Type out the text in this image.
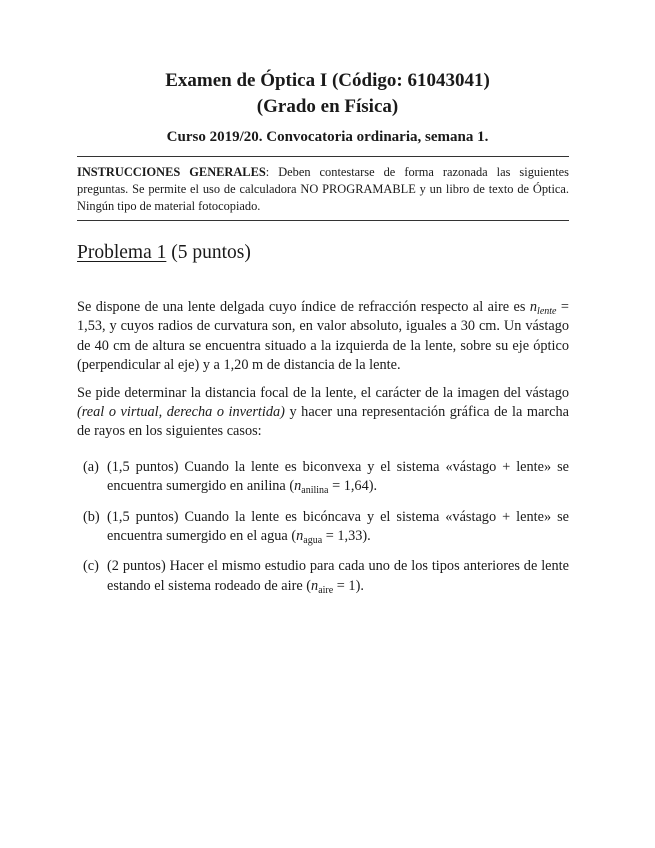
Examen de Óptica I (Código: 61043041)
(Grado en Física)
Curso 2019/20. Convocatoria ordinaria, semana 1.
INSTRUCCIONES GENERALES: Deben contestarse de forma razonada las siguientes preguntas. Se permite el uso de calculadora NO PROGRAMABLE y un libro de texto de Óptica. Ningún tipo de material fotocopiado.
Problema 1 (5 puntos)

Se dispone de una lente delgada cuyo índice de refracción respecto al aire es $n_{lente} = 1,53$, y cuyos radios de curvatura son, en valor absoluto, iguales a 30 cm. Un vástago de 40 cm de altura se encuentra situado a la izquierda de la lente, sobre su eje óptico (perpendicular al eje) y a 1,20 m de distancia de la lente.

Se pide determinar la distancia focal de la lente, el carácter de la imagen del vástago (real o virtual, derecha o invertida) y hacer una representación gráfica de la marcha de rayos en los siguientes casos:

(a) (1,5 puntos) Cuando la lente es biconvexa y el sistema «vástago + lente» se encuentra sumergido en anilina $(n_{anilina} = 1,64)$.
(b) (1,5 puntos) Cuando la lente es bicóncava y el sistema «vástago + lente» se encuentra sumergido en el agua $(n_{agua} = 1,33)$.
(c) (2 puntos) Hacer el mismo estudio para cada uno de los tipos anteriores de lente estando el sistema rodeado de aire $(n_{aire} = 1)$.
